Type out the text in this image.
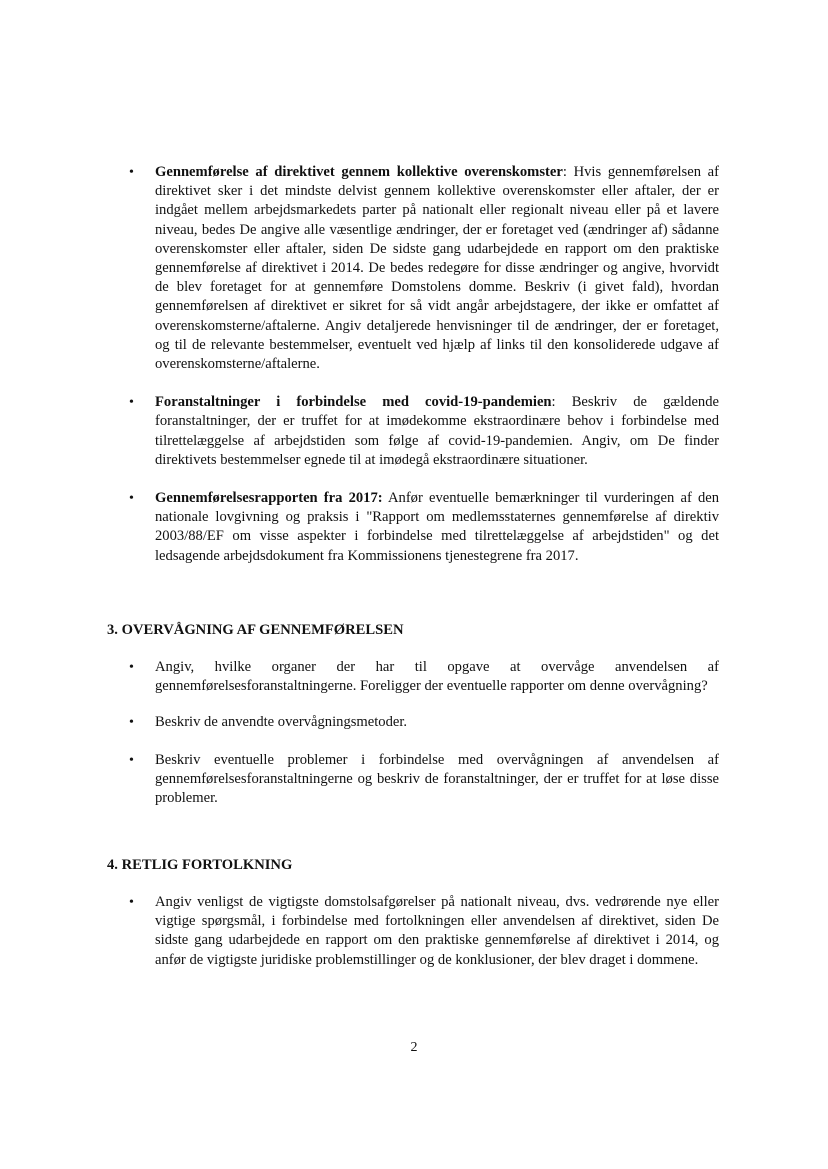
• Gennemførelse af direktivet gennem kollektive overenskomster: Hvis gennemførelsen af direktivet sker i det mindste delvist gennem kollektive overenskomster eller aftaler, der er indgået mellem arbejdsmarkedets parter på nationalt eller regionalt niveau eller på et lavere niveau, bedes De angive alle væsentlige ændringer, der er foretaget ved (ændringer af) sådanne overenskomster eller aftaler, siden De sidste gang udarbejdede en rapport om den praktiske gennemførelse af direktivet i 2014. De bedes redegøre for disse ændringer og angive, hvorvidt de blev foretaget for at gennemføre Domstolens domme. Beskriv (i givet fald), hvordan gennemførelsen af direktivet er sikret for så vidt angår arbejdstagere, der ikke er omfattet af overenskomsterne/aftalerne. Angiv detaljerede henvisninger til de ændringer, der er foretaget, og til de relevante bestemmelser, eventuelt ved hjælp af links til den konsoliderede udgave af overenskomsterne/aftalerne.
• Foranstaltninger i forbindelse med covid-19-pandemien: Beskriv de gældende foranstaltninger, der er truffet for at imødekomme ekstraordinære behov i forbindelse med tilrettelæggelse af arbejdstiden som følge af covid-19-pandemien. Angiv, om De finder direktivets bestemmelser egnede til at imødegå ekstraordinære situationer.
• Gennemførelsesrapporten fra 2017: Anfør eventuelle bemærkninger til vurderingen af den nationale lovgivning og praksis i "Rapport om medlemsstaternes gennemførelse af direktiv 2003/88/EF om visse aspekter i forbindelse med tilrettelæggelse af arbejdstiden" og det ledsagende arbejdsdokument fra Kommissionens tjenestegrene fra 2017.
3. OVERVÅGNING AF GENNEMFØRELSEN
• Angiv, hvilke organer der har til opgave at overvåge anvendelsen af gennemførelsesforanstaltningerne. Foreligger der eventuelle rapporter om denne overvågning?
• Beskriv de anvendte overvågningsmetoder.
• Beskriv eventuelle problemer i forbindelse med overvågningen af anvendelsen af gennemførelsesforanstaltningerne og beskriv de foranstaltninger, der er truffet for at løse disse problemer.
4. RETLIG FORTOLKNING
• Angiv venligst de vigtigste domstolsafgørelser på nationalt niveau, dvs. vedrørende nye eller vigtige spørgsmål, i forbindelse med fortolkningen eller anvendelsen af direktivet, siden De sidste gang udarbejdede en rapport om den praktiske gennemførelse af direktivet i 2014, og anfør de vigtigste juridiske problemstillinger og de konklusioner, der blev draget i dommene.
2
